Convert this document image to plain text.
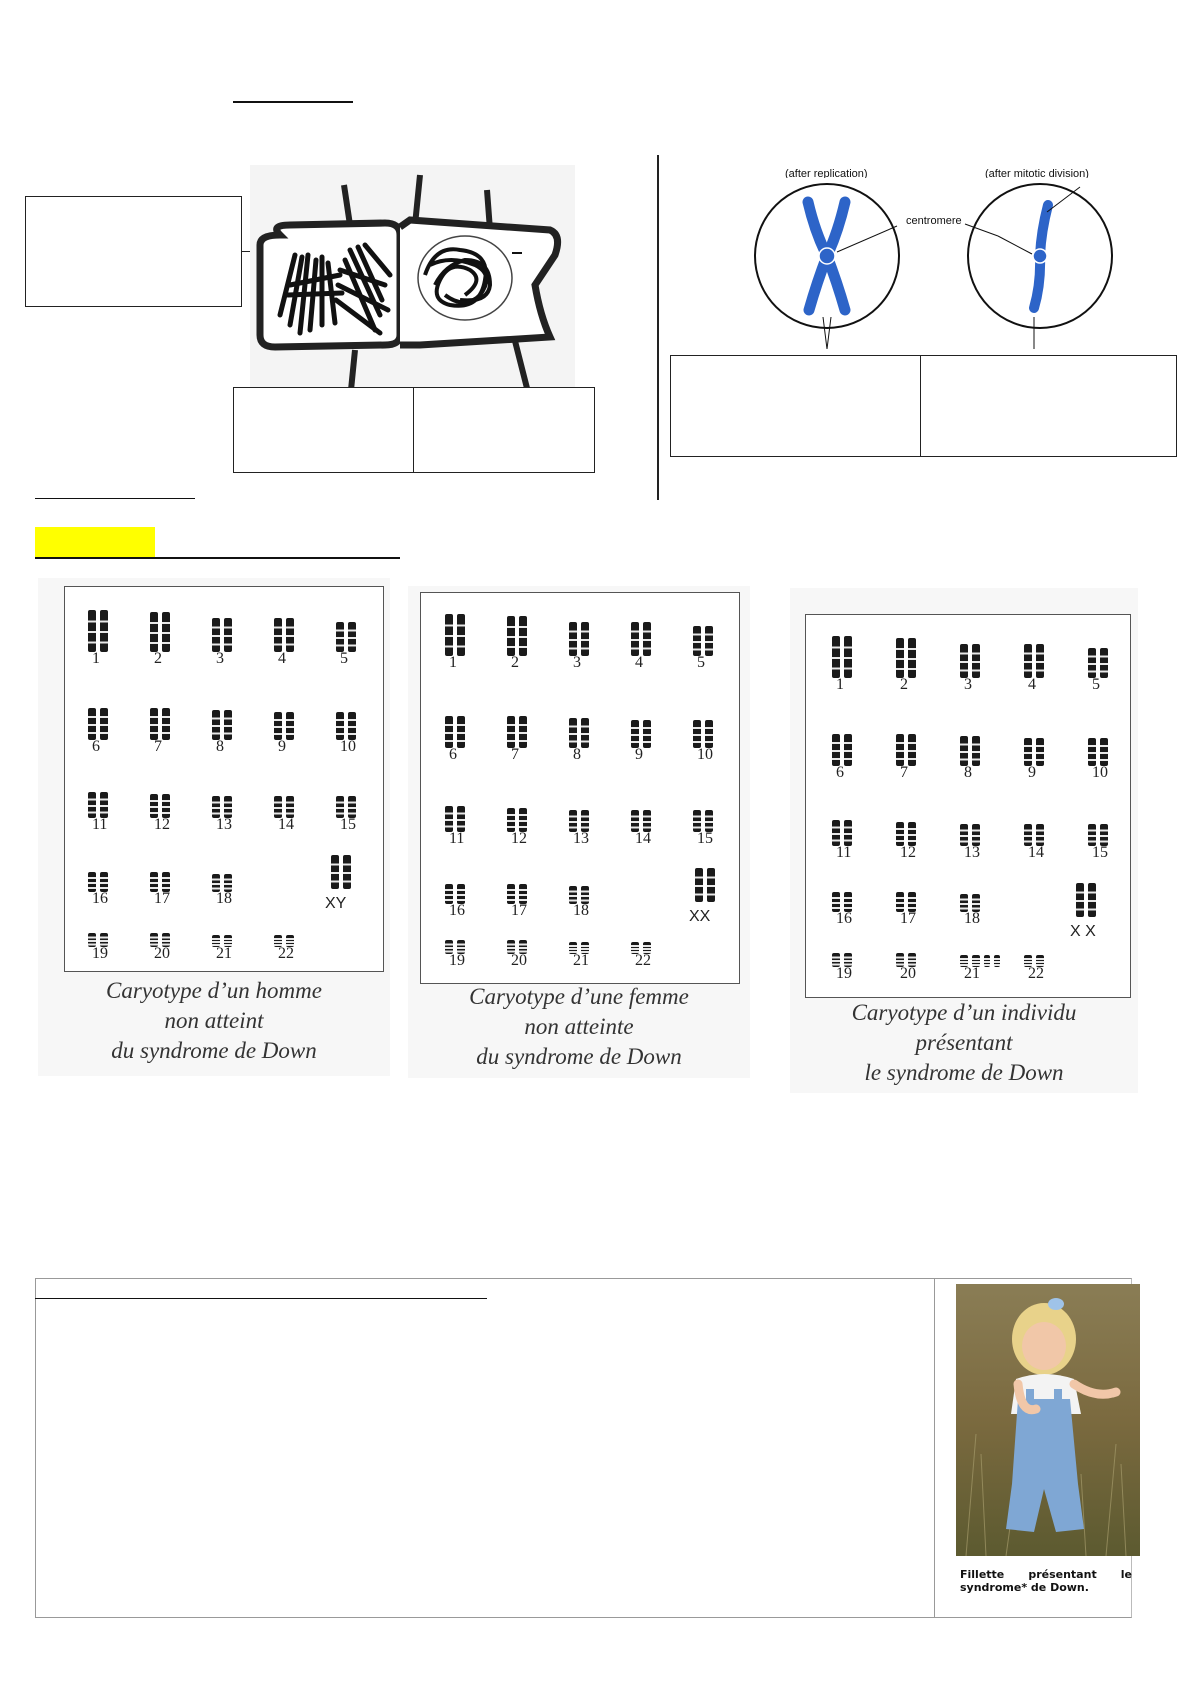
(after replication)	(after mitotic division)
centromere
1	2	3	4	5
6	7	8	9	10
11	12	13	14	15
16	17	18
19	20	21	22
XY
Caryotype d’un homme
non atteint
du syndrome de Down
1	2	3	4	5
6	7	8	9	10
11	12	13	14	15
16	17	18
19	20	21	22
XX
Caryotype d’une femme
non atteinte
du syndrome de Down
1	2	3	4	5
6	7	8	9	10
11	12	13	14	15
16	17	18
19	20	21	22
X X
Caryotype d’un individu
présentant
le syndrome de Down
Fillette présentant le syndrome* de Down.
